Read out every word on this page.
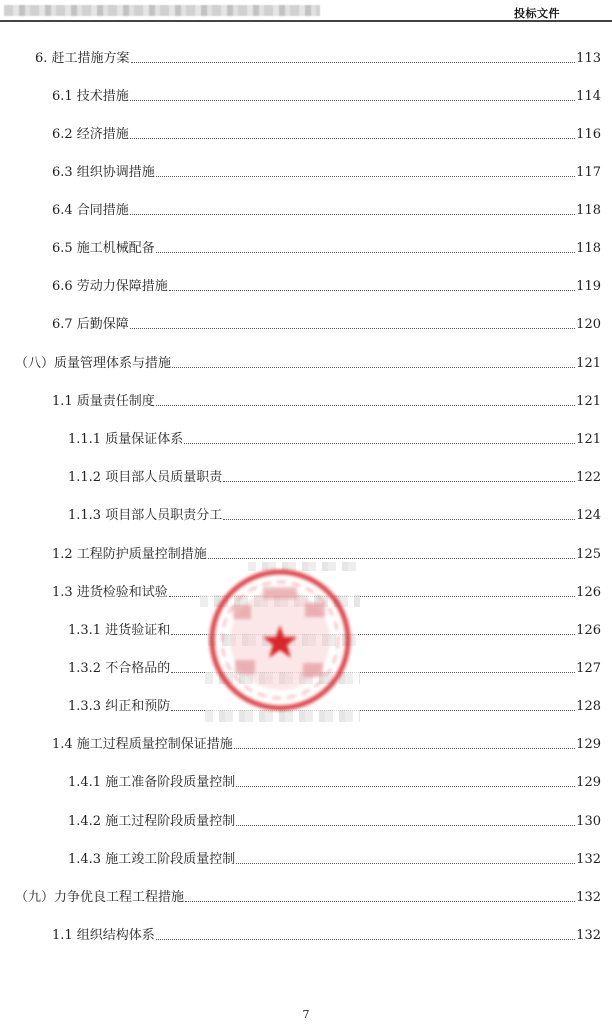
投标文件
6. 赶工措施方案	113
6.1 技术措施	114
6.2 经济措施	116
6.3 组织协调措施	117
6.4 合同措施	118
6.5 施工机械配备	118
6.6 劳动力保障措施	119
6.7 后勤保障	120
（八）质量管理体系与措施	121
1.1 质量责任制度	121
1.1.1 质量保证体系	121
1.1.2 项目部人员质量职责	122
1.1.3 项目部人员职责分工	124
1.2 工程防护质量控制措施	125
1.3 进货检验和试验	126
1.3.1 进货验证和	126
1.3.2 不合格品的	127
1.3.3 纠正和预防	128
1.4 施工过程质量控制保证措施	129
1.4.1 施工准备阶段质量控制	129
1.4.2 施工过程阶段质量控制	130
1.4.3 施工竣工阶段质量控制	132
（九）力争优良工程工程措施	132
1.1 组织结构体系	132
7
